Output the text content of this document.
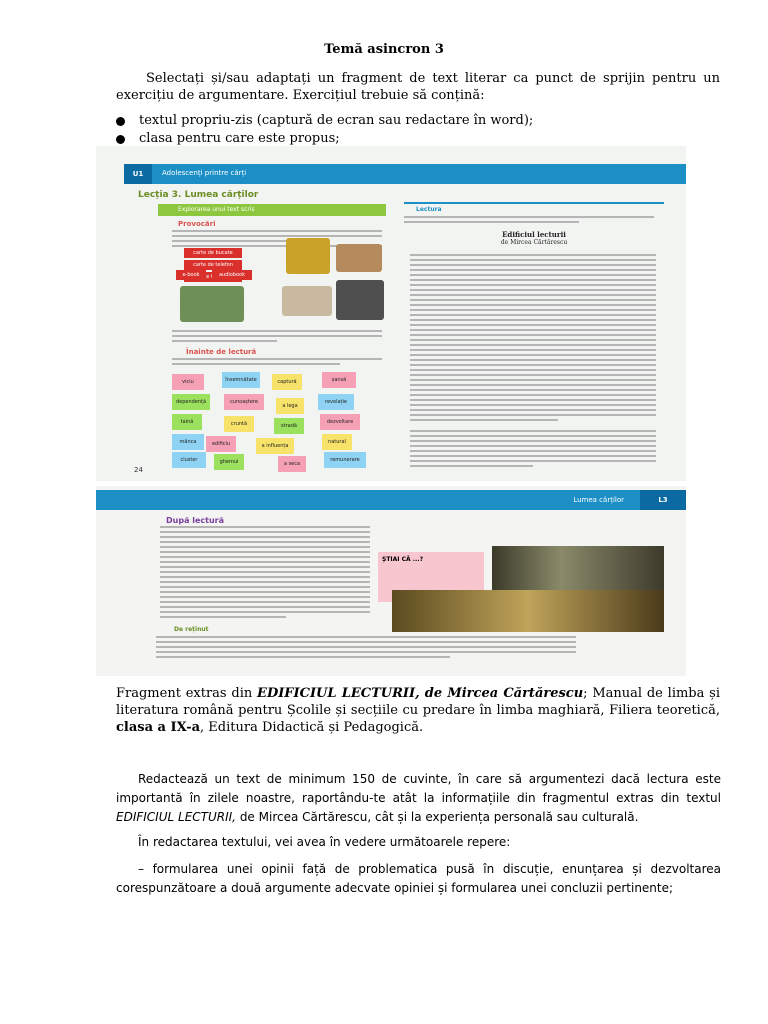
Temă asincron 3
Selectați și/sau adaptați un fragment de text literar ca punct de sprijin pentru un exercițiu de argumentare. Exercițiul trebuie să conțină:
textul propriu-zis (captură de ecran sau redactare în word);
clasa pentru care este propus;
U1	Adolescenți printre cărți
Lecția 3. Lumea cărților
Explorarea unui text scris
Provocări
carte de bucate
carte de telefon
e-book	audiobook
Înainte de lectură
viciu	însemnătate	captură	șansă
dependență	cunoaștere
a lega
revelație
taină	cruntă	stradă
dezvoltare
mânca	edificiu	a influența
natural
cluster	ghemui	a seca
remunerare
24
Lectura
Edificiul lecturii
de Mircea Cărtărescu
Lumea cărților	L3
După lectură
ȘTIAI CĂ ...?
De reținut
Fragment extras din EDIFICIUL LECTURII, de Mircea Cărtărescu; Manual de limba și literatura română pentru Școlile și secțiile cu predare în limba maghiară, Filiera teoretică, clasa a IX-a, Editura Didactică și Pedagogică.
Redactează un text de minimum 150 de cuvinte, în care să argumentezi dacă lectura este importantă în zilele noastre, raportându-te atât la informațiile din fragmentul extras din textul EDIFICIUL LECTURII, de Mircea Cărtărescu, cât și la experiența personală sau culturală.
În redactarea textului, vei avea în vedere următoarele repere:
– formularea unei opinii față de problematica pusă în discuție, enunțarea și dezvoltarea corespunzătoare a două argumente adecvate opiniei și formularea unei concluzii pertinente;
